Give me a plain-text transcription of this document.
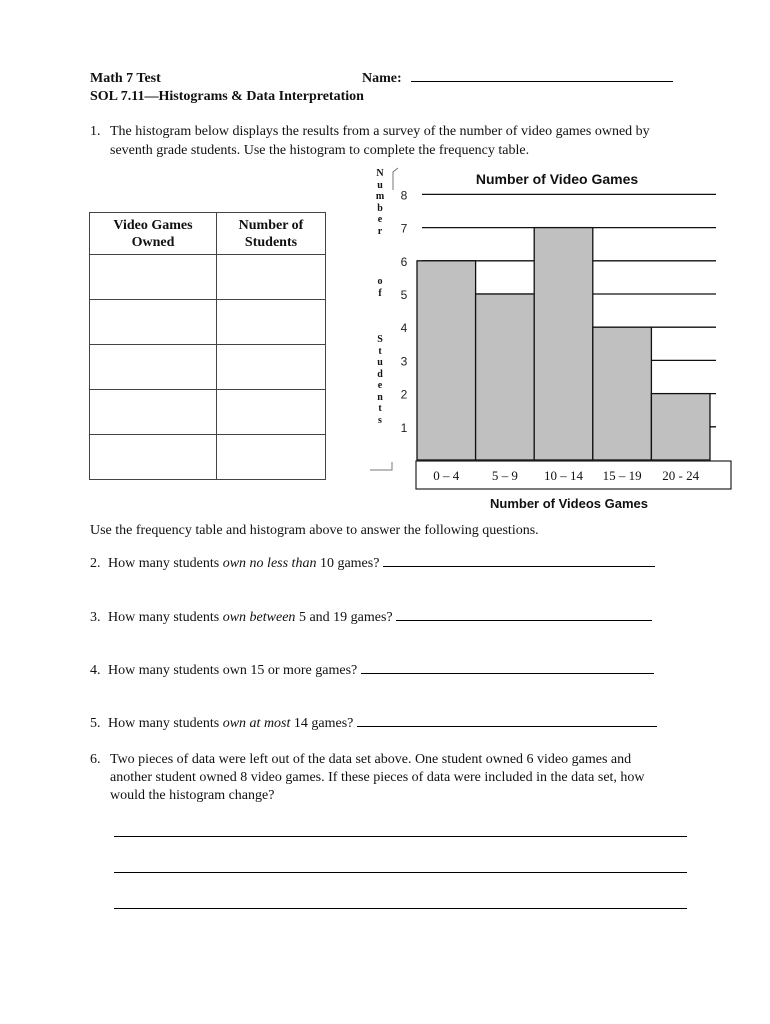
Math 7 Test	Name:
SOL 7.11—Histograms & Data Interpretation
1. The histogram below displays the results from a survey of the number of video games owned by
seventh grade students. Use the histogram to complete the frequency table.
Video Games
Owned	Number of
Students

N
u
m
b
e
r
o
f
S
t
u
d
e
n
t
s
Number of Video Games
1
2
3
4
5
6
7
8
0 – 4	5 – 9 10 – 14 15 – 19 20 - 24
Number of Videos Games
Use the frequency table and histogram above to answer the following questions.
2. How many students own no less than 10 games?
3. How many students own between 5 and 19 games?
4. How many students own 15 or more games?
5. How many students own at most 14 games?
6. Two pieces of data were left out of the data set above. One student owned 6 video games and
another student owned 8 video games. If these pieces of data were included in the data set, how
would the histogram change?
